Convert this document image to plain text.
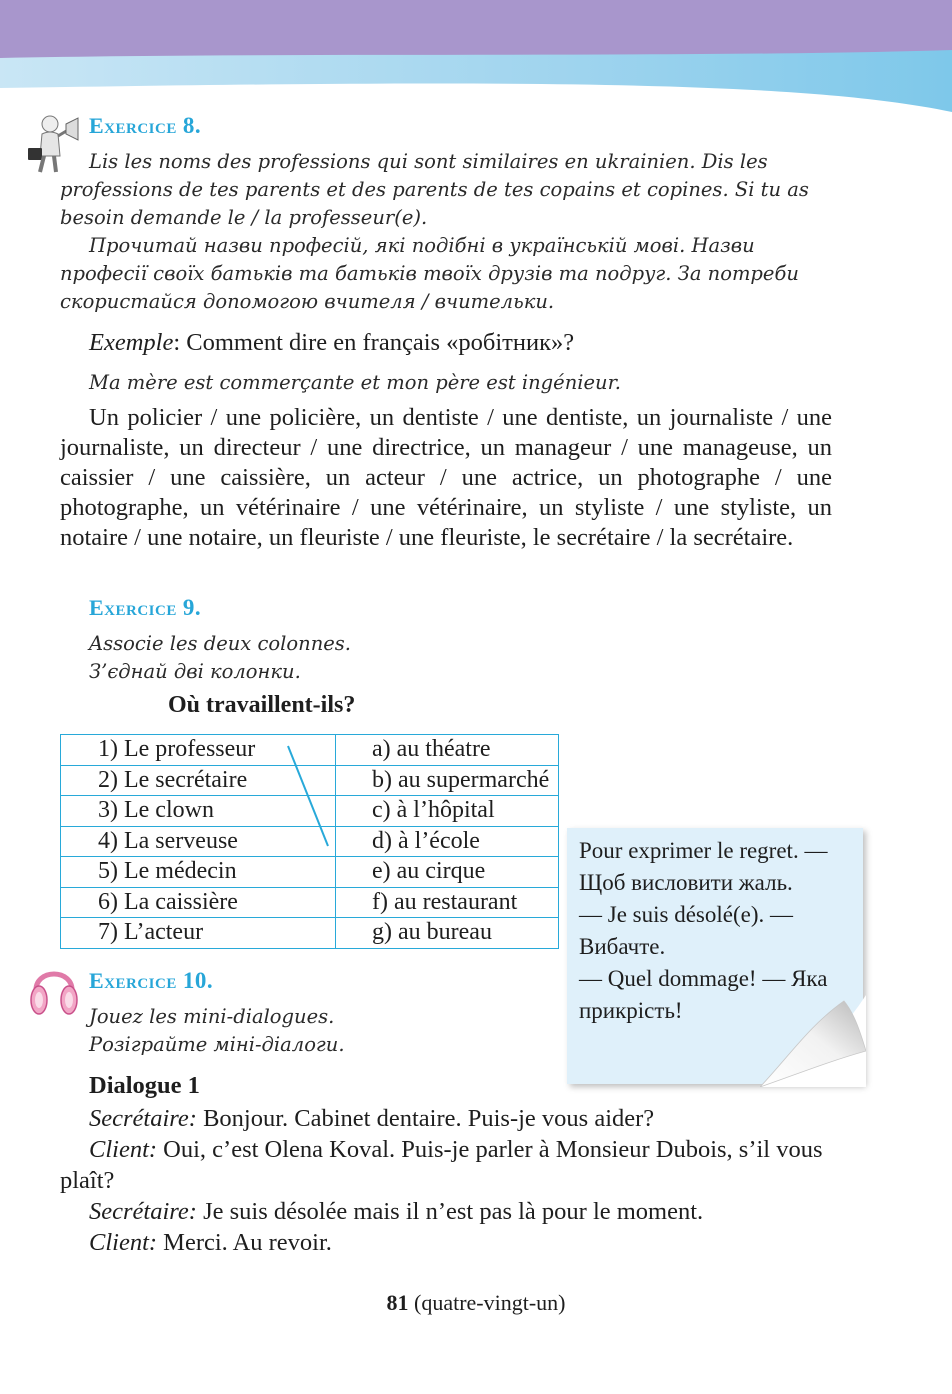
Exercice 8.

Lis les noms des professions qui sont similaires en ukrainien. Dis les professions de tes parents et des parents de tes copains et copines. Si tu as besoin demande le / la professeur(e).

Прочитай назви професій, які подібні в українській мові. Назви професії своїх батьків та батьків твоїх друзів та подруг. За потреби скористайся допомогою вчителя / вчительки.

Exemple: Comment dire en français «робітник»?

Ma mère est commerçante et mon père est ingénieur.

Un policier / une policière, un dentiste / une dentiste, un journaliste / une journaliste, un directeur / une directrice, un manageur / une manageuse, un caissier / une caissière, un acteur / une actrice, un photographe / une photographe, un vétérinaire / une vétérinaire, un styliste / une styliste, un notaire / une notaire, un fleuriste / une fleuriste, le secrétaire / la secrétaire.

Exercice 9.

Associe les deux colonnes.

З’єднай дві колонки.

Où travaillent-ils?
1) Le professeur	a) au théatre
2) Le secrétaire	b) au supermarché
3) Le clown	c) à l’hôpital
4) La serveuse	d) à l’école
5) Le médecin	e) au cirque
6) La caissière	f) au restaurant
7) L’acteur	g) au bureau

Pour exprimer le regret. — Щоб висловити жаль.
— Je suis désolé(e). — Вибачте.
— Quel dommage! — Яка прикрість!

Exercice 10.

Jouez les mini-dialogues.

Розіграйте міні-діалоги.

Dialogue 1

Secrétaire: Bonjour. Cabinet dentaire. Puis-je vous aider?

Client: Oui, c’est Olena Koval. Puis-je parler à Monsieur Dubois, s’il vous plaît?

Secrétaire: Je suis désolée mais il n’est pas là pour le moment.

Client: Merci. Au revoir.

81 (quatre-vingt-un)
